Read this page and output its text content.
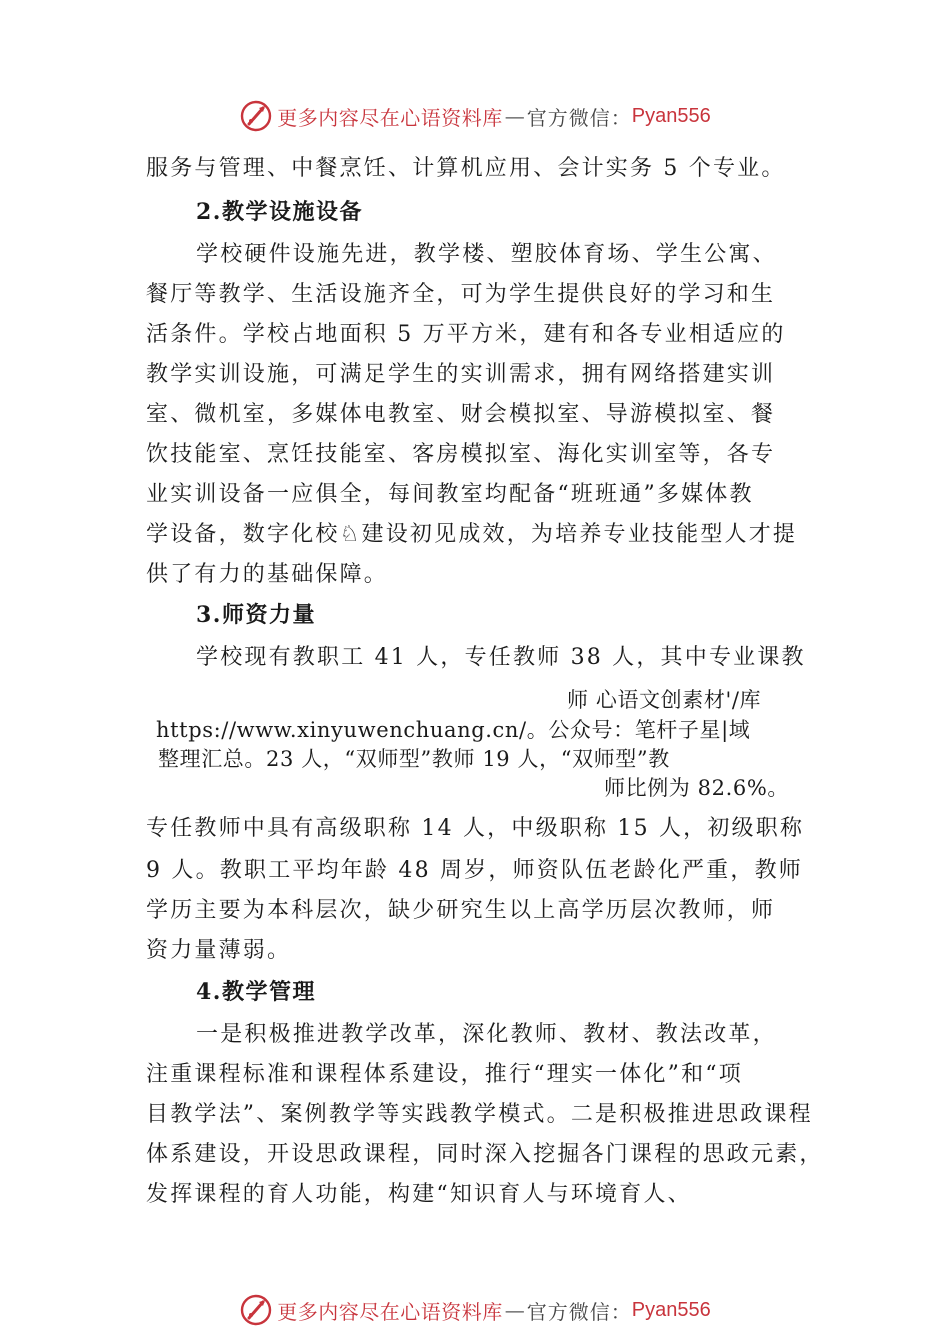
更多内容尽在心语资料库 — 官方微信： Pyan556
服务与管理、中餐烹饪、计算机应用、会计实务 5 个专业。
2.教学设施设备
学校硬件设施先进，教学楼、塑胶体育场、学生公寓、
餐厅等教学、生活设施齐全，可为学生提供良好的学习和生
活条件。学校占地面积 5 万平方米，建有和各专业相适应的
教学实训设施，可满足学生的实训需求，拥有网络搭建实训
室、微机室，多媒体电教室、财会模拟室、导游模拟室、餐
饮技能室、烹饪技能室、客房模拟室、海化实训室等，各专
业实训设备一应俱全，每间教室均配备“班班通”多媒体教
学设备，数字化校♘建设初见成效，为培养专业技能型人才提
供了有力的基础保障。
3.师资力量
学校现有教职工 41 人，专任教师 38 人，其中专业课教
师 心语文创素材'/库
https://www.xinyuwenchuang.cn/。公众号：笔杆子星|域
整理汇总。23 人，“双师型”教师 19 人，“双师型”教
师比例为 82.6%。
专任教师中具有高级职称 14 人，中级职称 15 人，初级职称
9 人。教职工平均年龄 48 周岁，师资队伍老龄化严重，教师
学历主要为本科层次，缺少研究生以上高学历层次教师，师
资力量薄弱。
4.教学管理
一是积极推进教学改革，深化教师、教材、教法改革，
注重课程标准和课程体系建设，推行“理实一体化”和“项
目教学法”、案例教学等实践教学模式。二是积极推进思政课程
体系建设，开设思政课程，同时深入挖掘各门课程的思政元素，
发挥课程的育人功能，构建“知识育人与环境育人、
更多内容尽在心语资料库 — 官方微信： Pyan556
